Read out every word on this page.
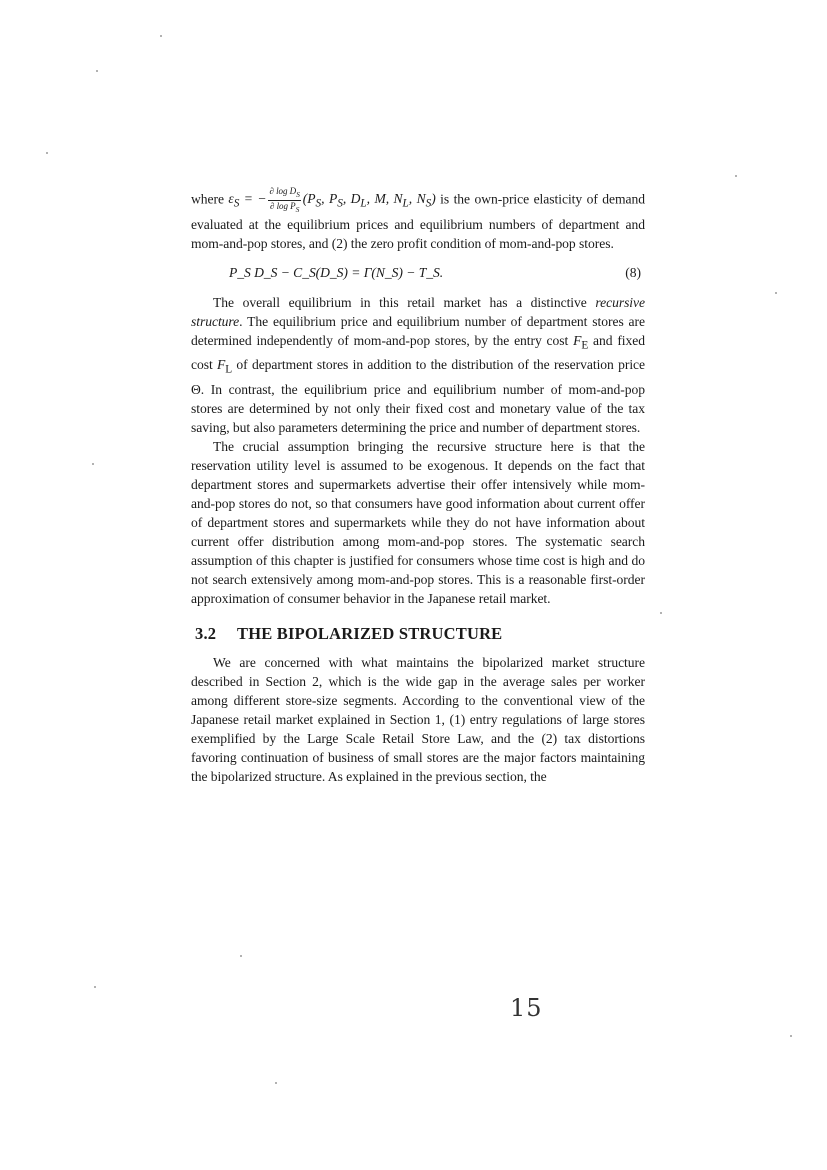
where $\varepsilon_S$ = − $\frac{\partial \log D_S}{\partial \log P_S} (P_S$, $P_S$, $D_L$, M, $N_L$, $N_S$) is the own-price elasticity of demand evaluated at the equilibrium prices and equilibrium numbers of department and mom-and-pop stores, and (2) the zero profit condition of mom-and-pop stores.

P_S D_S − C_S(D_S) = Γ(N_S) − T_S.	(8)

The overall equilibrium in this retail market has a distinctive recursive structure. The equilibrium price and equilibrium number of department stores are determined independently of mom-and-pop stores, by the entry cost $F_E$ and fixed cost $F_L$ of department stores in addition to the distribution of the reservation price Θ. In contrast, the equilibrium price and equilibrium number of mom-and-pop stores are determined by not only their fixed cost and monetary value of the tax saving, but also parameters determining the price and number of department stores.

The crucial assumption bringing the recursive structure here is that the reservation utility level is assumed to be exogenous. It depends on the fact that department stores and supermarkets advertise their offer intensively while mom-and-pop stores do not, so that consumers have good information about current offer of department stores and supermarkets while they do not have information about current offer distribution among mom-and-pop stores. The systematic search assumption of this chapter is justified for consumers whose time cost is high and do not search extensively among mom-and-pop stores. This is a reasonable first-order approximation of consumer behavior in the Japanese retail market.

3.2 THE BIPOLARIZED STRUCTURE

We are concerned with what maintains the bipolarized market structure described in Section 2, which is the wide gap in the average sales per worker among different store-size segments. According to the conventional view of the Japanese retail market explained in Section 1, (1) entry regulations of large stores exemplified by the Large Scale Retail Store Law, and the (2) tax distortions favoring continuation of business of small stores are the major factors maintaining the bipolarized structure. As explained in the previous section, the

15
